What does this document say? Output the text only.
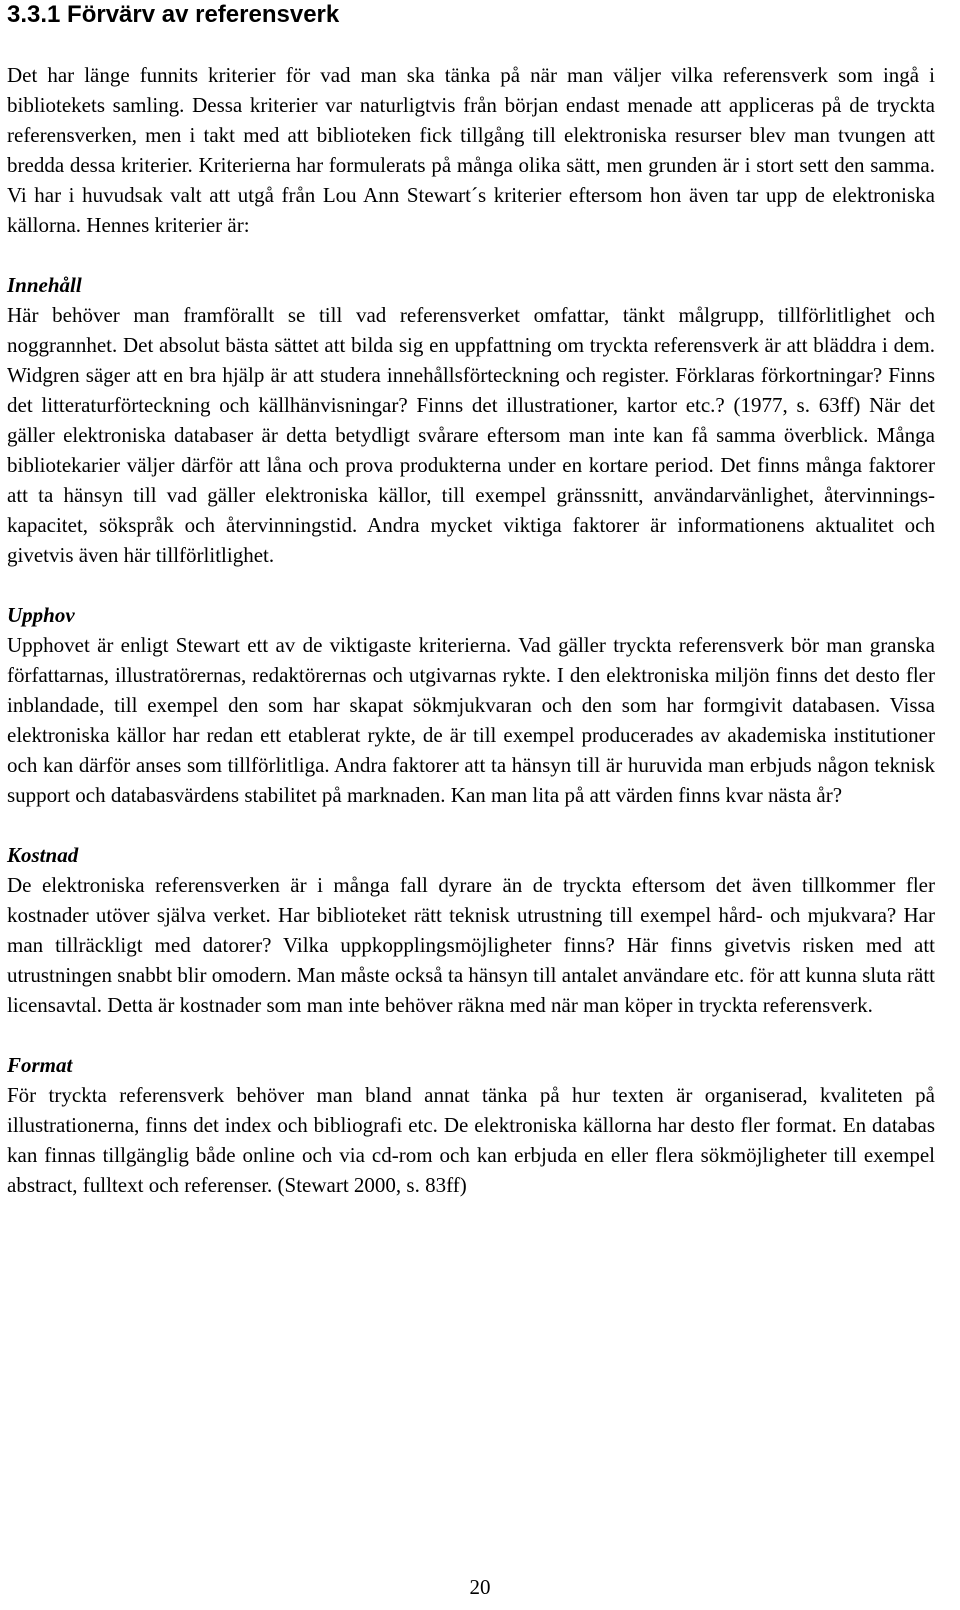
3.3.1 Förvärv av referensverk

Det har länge funnits kriterier för vad man ska tänka på när man väljer vilka referensverk som ingå i bibliotekets samling. Dessa kriterier var naturligtvis från början endast menade att appliceras på de tryckta referensverken, men i takt med att biblioteken fick tillgång till elektroniska resurser blev man tvungen att bredda dessa kriterier. Kriterierna har formulerats på många olika sätt, men grunden är i stort sett den samma. Vi har i huvudsak valt att utgå från Lou Ann Stewart´s kriterier eftersom hon även tar upp de elektroniska källorna. Hennes kriterier är:

Innehåll

Här behöver man framförallt se till vad referensverket omfattar, tänkt målgrupp, tillförlitlighet och noggrannhet. Det absolut bästa sättet att bilda sig en uppfattning om tryckta referensverk är att bläddra i dem. Widgren säger att en bra hjälp är att studera innehållsförteckning och register. Förklaras förkortningar? Finns det litteraturförteckning och källhänvisningar? Finns det illustrationer, kartor etc.? (1977, s. 63ff) När det gäller elektroniska databaser är detta betydligt svårare eftersom man inte kan få samma överblick. Många bibliotekarier väljer därför att låna och prova produkterna under en kortare period. Det finns många faktorer att ta hänsyn till vad gäller elektroniska källor, till exempel gränssnitt, användarvänlighet, återvinnings-kapacitet, sökspråk och återvinningstid. Andra mycket viktiga faktorer är informationens aktualitet och givetvis även här tillförlitlighet.

Upphov

Upphovet är enligt Stewart ett av de viktigaste kriterierna. Vad gäller tryckta referensverk bör man granska författarnas, illustratörernas, redaktörernas och utgivarnas rykte. I den elektroniska miljön finns det desto fler inblandade, till exempel den som har skapat sökmjukvaran och den som har formgivit databasen. Vissa elektroniska källor har redan ett etablerat rykte, de är till exempel producerades av akademiska institutioner och kan därför anses som tillförlitliga. Andra faktorer att ta hänsyn till är huruvida man erbjuds någon teknisk support och databasvärdens stabilitet på marknaden. Kan man lita på att värden finns kvar nästa år?

Kostnad

De elektroniska referensverken är i många fall dyrare än de tryckta eftersom det även tillkommer fler kostnader utöver själva verket. Har biblioteket rätt teknisk utrustning till exempel hård- och mjukvara? Har man tillräckligt med datorer? Vilka uppkopplingsmöjligheter finns? Här finns givetvis risken med att utrustningen snabbt blir omodern. Man måste också ta hänsyn till antalet användare etc. för att kunna sluta rätt licensavtal. Detta är kostnader som man inte behöver räkna med när man köper in tryckta referensverk.

Format

För tryckta referensverk behöver man bland annat tänka på hur texten är organiserad, kvaliteten på illustrationerna, finns det index och bibliografi etc. De elektroniska källorna har desto fler format. En databas kan finnas tillgänglig både online och via cd-rom och kan erbjuda en eller flera sökmöjligheter till exempel abstract, fulltext och referenser. (Stewart 2000, s. 83ff)

20
